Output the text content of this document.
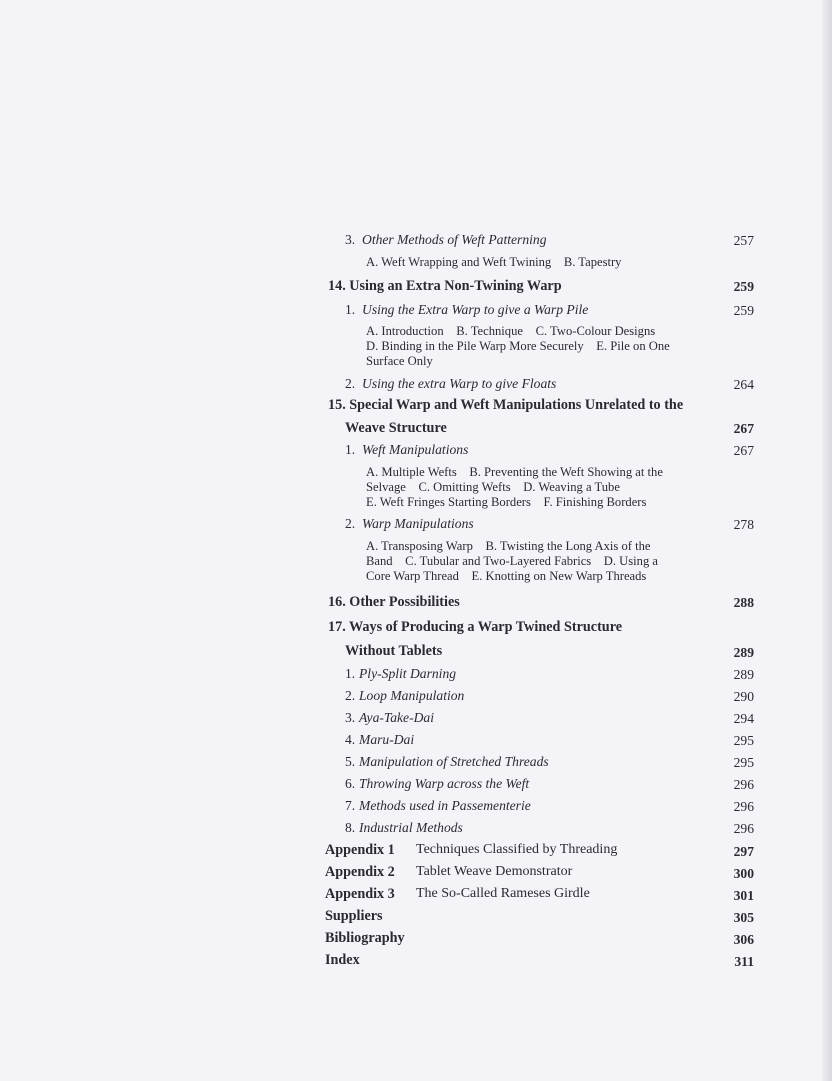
3. Other Methods of Weft Patterning	257
A. Weft Wrapping and Weft Twining    B. Tapestry
14. Using an Extra Non-Twining Warp	259
1. Using the Extra Warp to give a Warp Pile	259
A. Introduction    B. Technique    C. Two-Colour Designs
D. Binding in the Pile Warp More Securely    E. Pile on One
Surface Only
2. Using the extra Warp to give Floats	264
15. Special Warp and Weft Manipulations Unrelated to the
Weave Structure	267
1. Weft Manipulations	267
A. Multiple Wefts    B. Preventing the Weft Showing at the
Selvage    C. Omitting Wefts    D. Weaving a Tube
E. Weft Fringes Starting Borders    F. Finishing Borders
2. Warp Manipulations	278
A. Transposing Warp    B. Twisting the Long Axis of the
Band    C. Tubular and Two-Layered Fabrics    D. Using a
Core Warp Thread    E. Knotting on New Warp Threads
16. Other Possibilities	288
17. Ways of Producing a Warp Twined Structure
Without Tablets	289
1. Ply-Split Darning	289
2. Loop Manipulation	290
3. Aya-Take-Dai	294
4. Maru-Dai	295
5. Manipulation of Stretched Threads	295
6. Throwing Warp across the Weft	296
7. Methods used in Passementerie	296
8. Industrial Methods	296
Appendix 1 Techniques Classified by Threading	297
Appendix 2 Tablet Weave Demonstrator	300
Appendix 3 The So-Called Rameses Girdle	301
Suppliers	305
Bibliography	306
Index	311
